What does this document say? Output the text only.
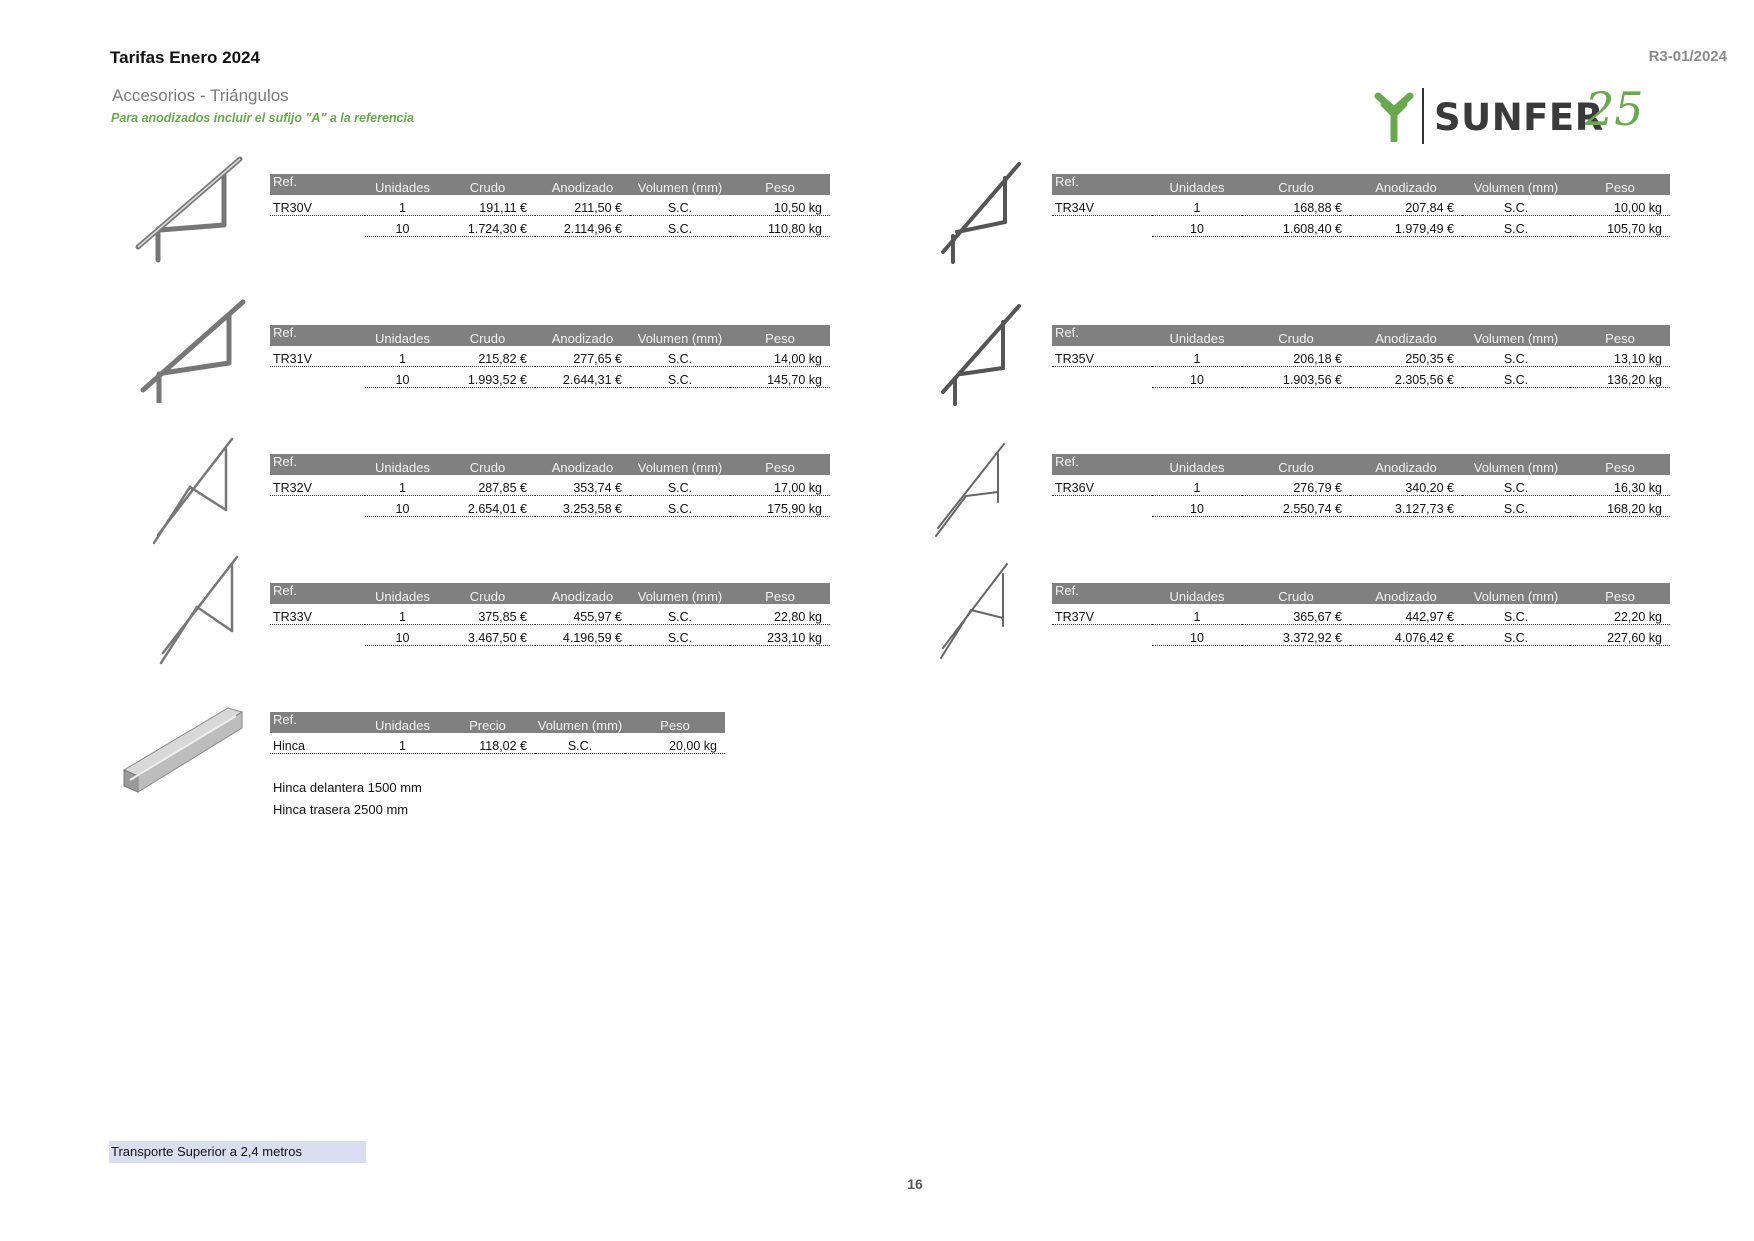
Tarifas Enero 2024	R3-01/2024
Accesorios - Triángulos
Para anodizados incluir el sufijo "A" a la referencia	SUNFER
25
Ref.	Unidades	Crudo	Anodizado	Volumen (mm)	Peso
TR30V	1	191,11 €	211,50 €	S.C.	10,50 kg
	10	1.724,30 €	2.114,96 €	S.C.	110,80 kg
Ref.	Unidades	Crudo	Anodizado	Volumen (mm)	Peso
TR31V	1	215,82 €	277,65 €	S.C.	14,00 kg
	10	1.993,52 €	2.644,31 €	S.C.	145,70 kg
Ref.	Unidades	Crudo	Anodizado	Volumen (mm)	Peso
TR32V	1	287,85 €	353,74 €	S.C.	17,00 kg
	10	2.654,01 €	3.253,58 €	S.C.	175,90 kg
Ref.	Unidades	Crudo	Anodizado	Volumen (mm)	Peso
TR33V	1	375,85 €	455,97 €	S.C.	22,80 kg
	10	3.467,50 €	4.196,59 €	S.C.	233,10 kg
Ref.	Unidades	Crudo	Anodizado	Volumen (mm)	Peso
TR34V	1	168,88 €	207,84 €	S.C.	10,00 kg
	10	1.608,40 €	1.979,49 €	S.C.	105,70 kg
Ref.	Unidades	Crudo	Anodizado	Volumen (mm)	Peso
TR35V	1	206,18 €	250,35 €	S.C.	13,10 kg
	10	1.903,56 €	2.305,56 €	S.C.	136,20 kg
Ref.	Unidades	Crudo	Anodizado	Volumen (mm)	Peso
TR36V	1	276,79 €	340,20 €	S.C.	16,30 kg
	10	2.550,74 €	3.127,73 €	S.C.	168,20 kg
Ref.	Unidades	Crudo	Anodizado	Volumen (mm)	Peso
TR37V	1	365,67 €	442,97 €	S.C.	22,20 kg
	10	3.372,92 €	4.076,42 €	S.C.	227,60 kg
Ref.	Unidades	Precio	Volumen (mm)	Peso
Hinca	1	118,02 €	S.C.	20,00 kg
Hinca delantera 1500 mm
Hinca trasera 2500 mm
Transporte Superior a 2,4 metros
16
